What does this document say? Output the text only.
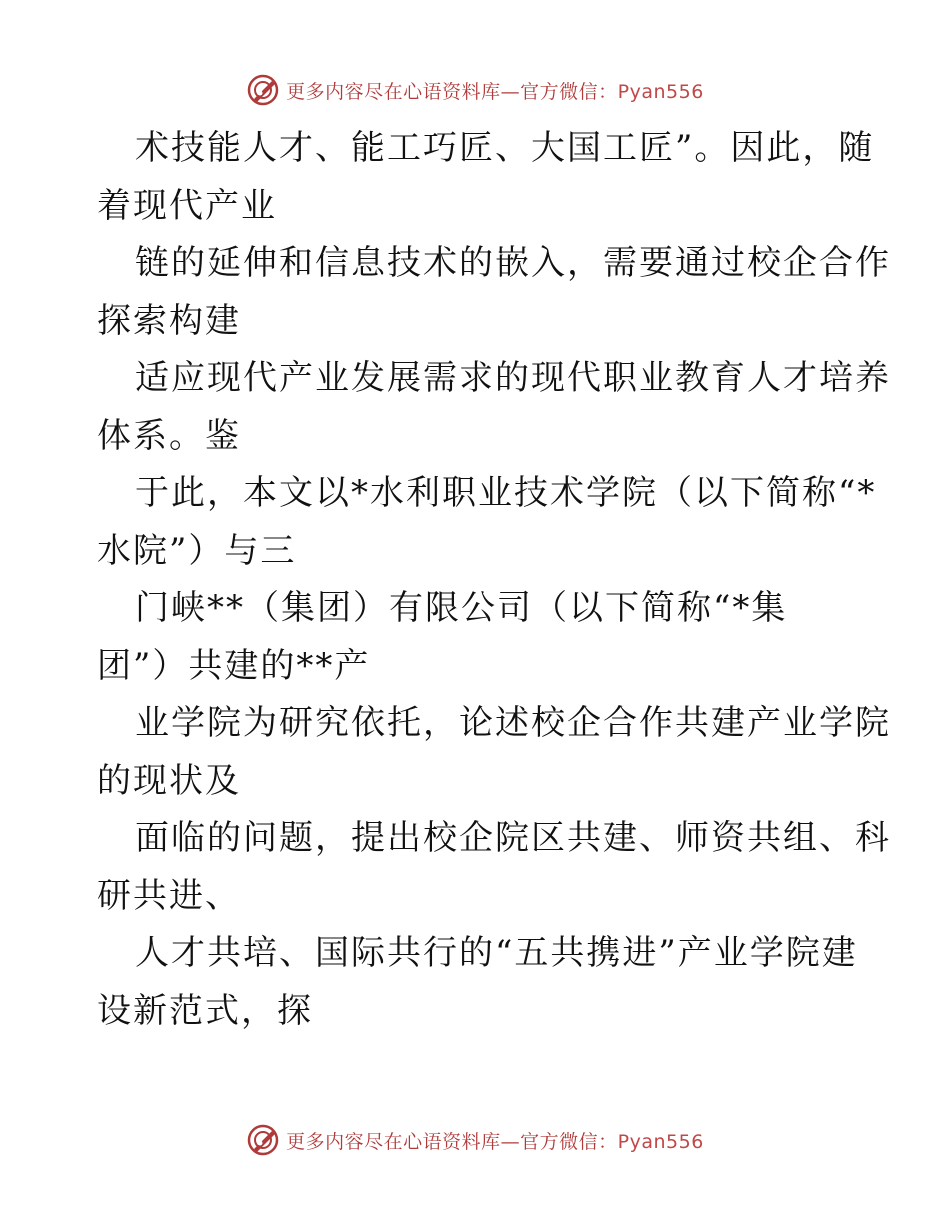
更多内容尽在心语资料库—官方微信：Pyan556
术技能人才、能工巧匠、大国工匠”。因此，随
着现代产业
链的延伸和信息技术的嵌入，需要通过校企合作
探索构建
适应现代产业发展需求的现代职业教育人才培养
体系。鉴
于此，本文以*水利职业技术学院（以下简称“*
水院”）与三
门峡**（集团）有限公司（以下简称“*集
团”）共建的**产
业学院为研究依托，论述校企合作共建产业学院
的现状及
面临的问题，提出校企院区共建、师资共组、科
研共进、
人才共培、国际共行的“五共携进”产业学院建
设新范式，探
更多内容尽在心语资料库—官方微信：Pyan556
